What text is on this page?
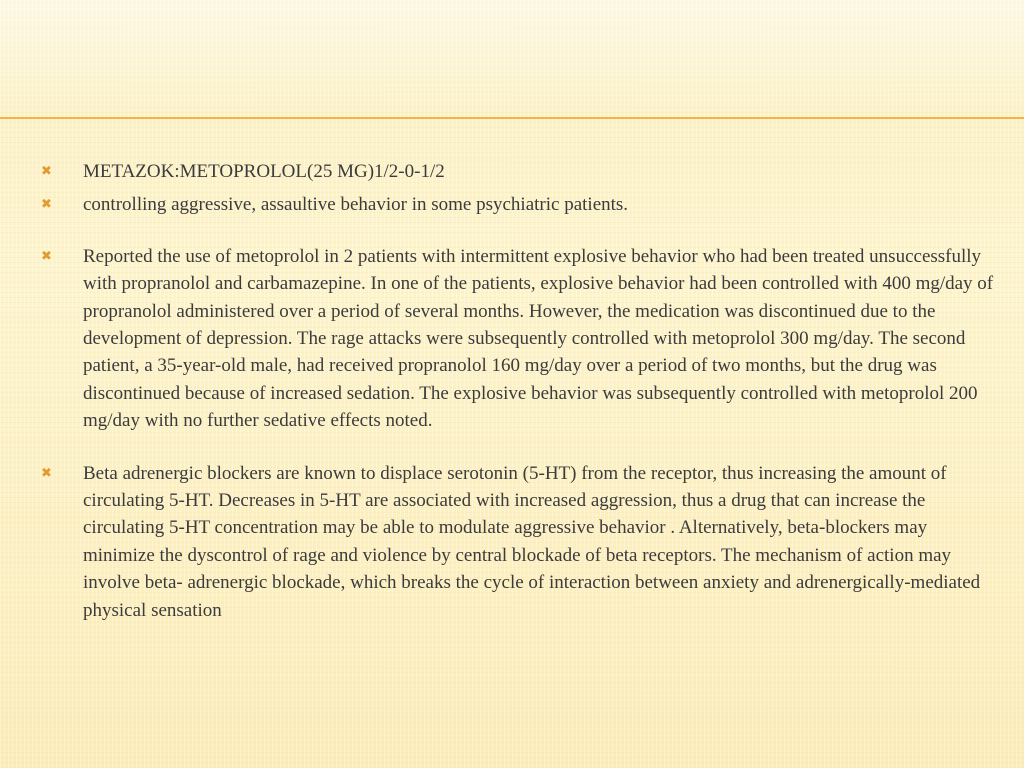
✖ METAZOK:METOPROLOL(25 MG)1/2-0-1/2
✖ controlling aggressive, assaultive behavior in some psychiatric patients.
✖ Reported the use of metoprolol in 2 patients with intermittent explosive behavior who had been treated unsuccessfully with propranolol and carbamazepine. In one of the patients, explosive behavior had been controlled with 400 mg/day of propranolol administered over a period of several months. However, the medication was discontinued due to the development of depression. The rage attacks were subsequently controlled with metoprolol 300 mg/day. The second patient, a 35-year-old male, had received propranolol 160 mg/day over a period of two months, but the drug was discontinued because of increased sedation. The explosive behavior was subsequently controlled with metoprolol 200 mg/day with no further sedative effects noted.
✖ Beta adrenergic blockers are known to displace serotonin (5-HT) from the receptor, thus increasing the amount of circulating 5-HT. Decreases in 5-HT are associated with increased aggression, thus a drug that can increase the circulating 5-HT concentration may be able to modulate aggressive behavior . Alternatively, beta-blockers may minimize the dyscontrol of rage and violence by central blockade of beta receptors. The mechanism of action may involve beta- adrenergic blockade, which breaks the cycle of interaction between anxiety and adrenergically-mediated physical sensation
